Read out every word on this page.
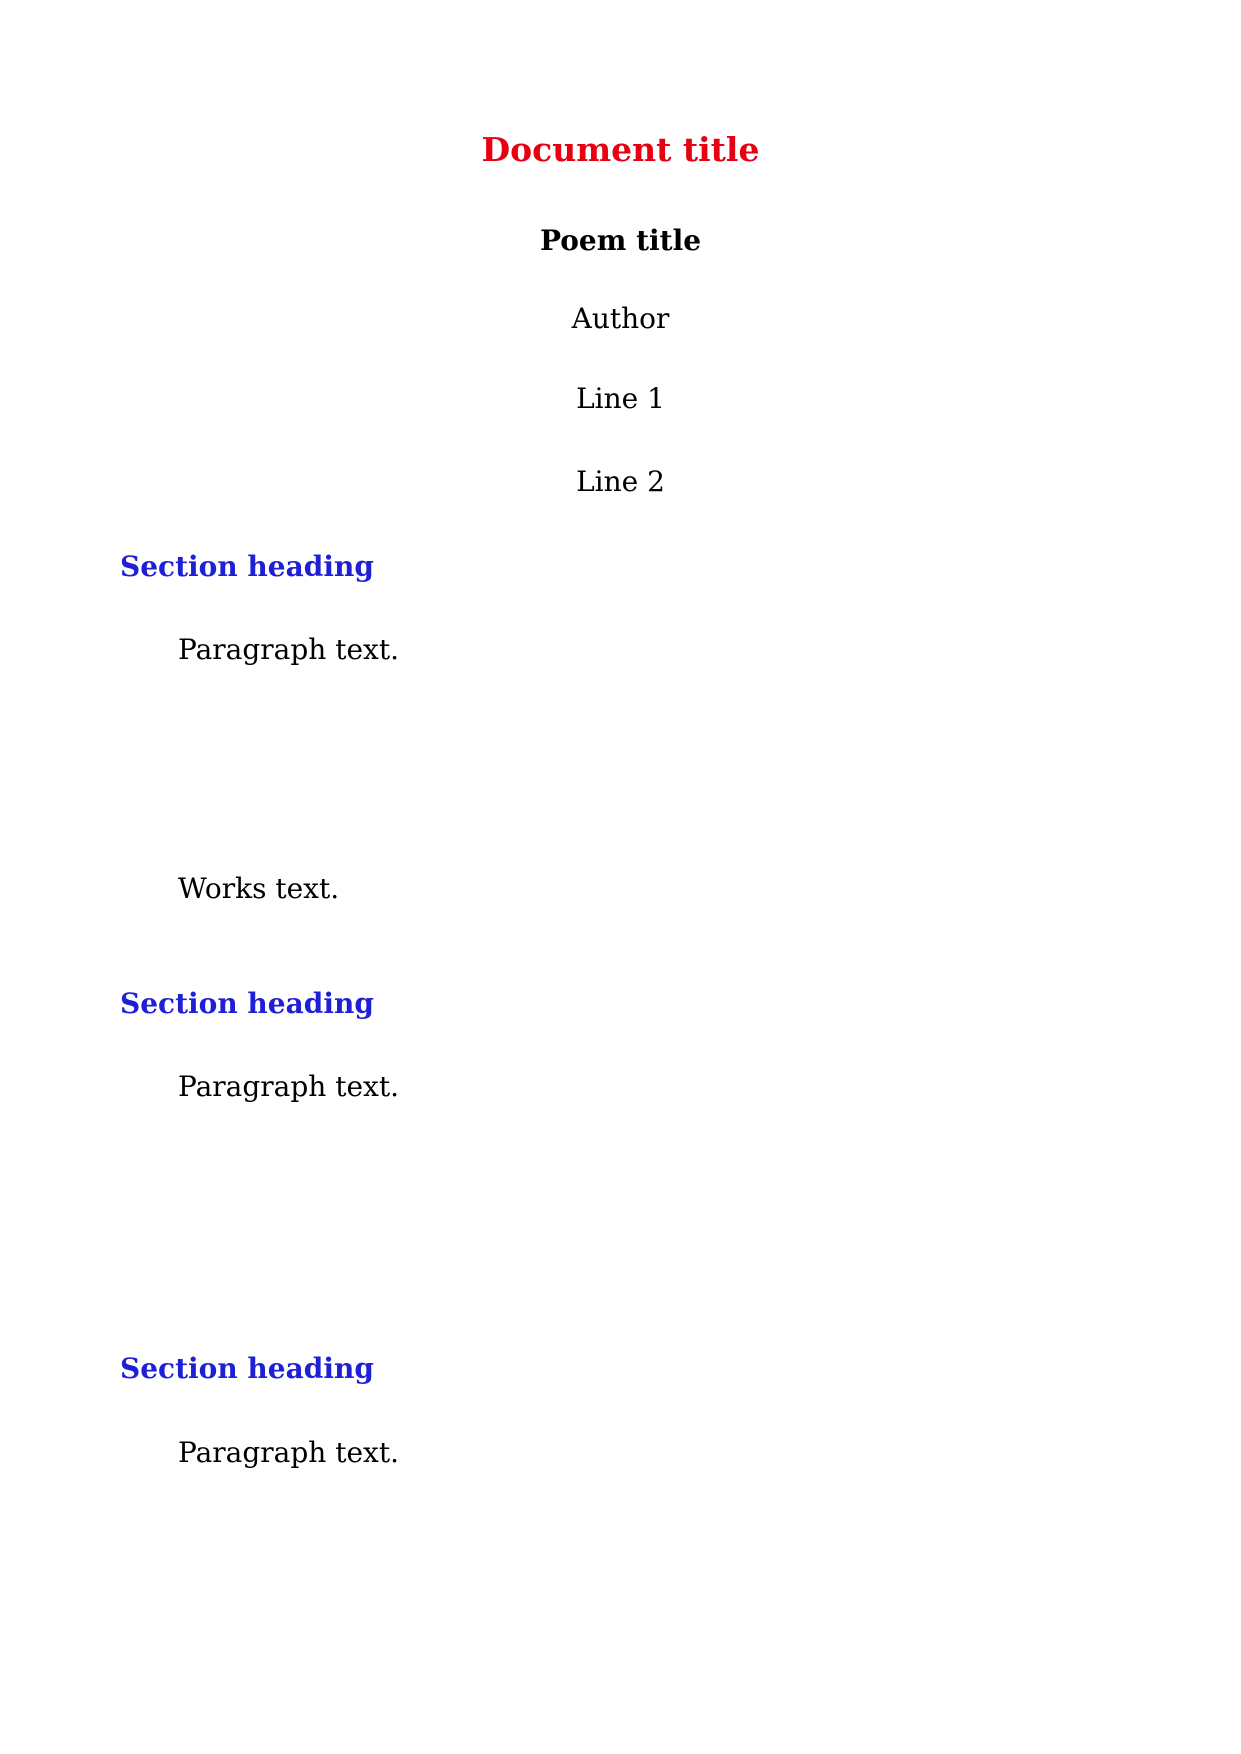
Document title
Poem title
Author
Line 1
Line 2
Section heading
Paragraph text.
Works text.
Section heading
Paragraph text.
Section heading
Paragraph text.
